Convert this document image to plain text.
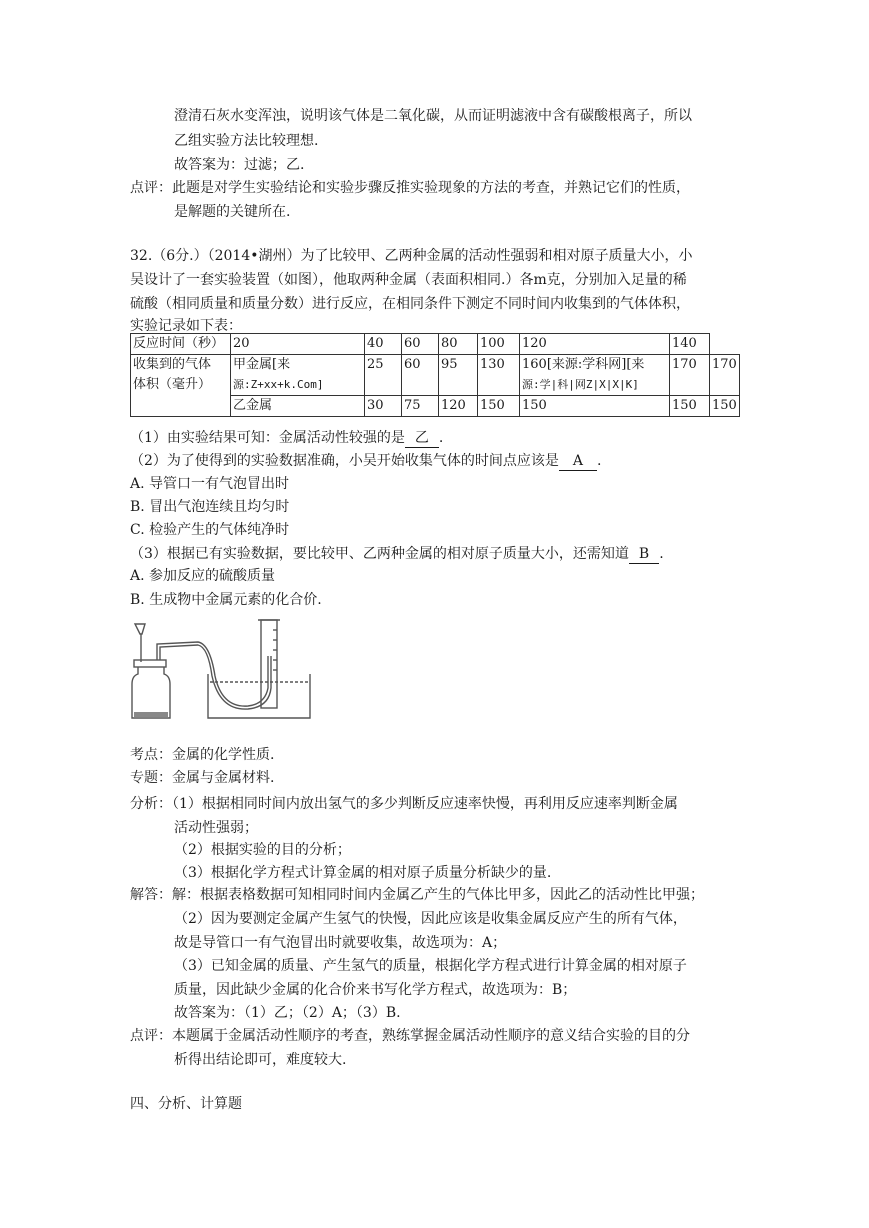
澄清石灰水变浑浊，说明该气体是二氧化碳，从而证明滤液中含有碳酸根离子，所以
乙组实验方法比较理想.
故答案为：过滤；乙.
点评：此题是对学生实验结论和实验步骤反推实验现象的方法的考查，并熟记它们的性质，
是解题的关键所在.
32.（6分.）（2014•湖州）为了比较甲、乙两种金属的活动性强弱和相对原子质量大小，小
吴设计了一套实验装置（如图），他取两种金属（表面积相同.）各m克，分别加入足量的稀
硫酸（相同质量和质量分数）进行反应，在相同条件下测定不同时间内收集到的气体体积，
实验记录如下表：
反应时间（秒）	20	40	60	80	100	120	140	
收集到的气体
体积（毫升）	甲金属[来
源:Z+xx+k.Com]	25	60	95	130	160[来源:学科网][来
源:学|科|网Z|X|X|K]	170	170
	乙金属	30	75	120	150	150	150	150
（1）由实验结果可知：金属活动性较强的是 乙 .
（2）为了使得到的实验数据准确，小吴开始收集气体的时间点应该是 A .
A. 导管口一有气泡冒出时
B. 冒出气泡连续且均匀时
C. 检验产生的气体纯净时
（3）根据已有实验数据，要比较甲、乙两种金属的相对原子质量大小，还需知道 B .
A. 参加反应的硫酸质量
B. 生成物中金属元素的化合价.
考点：金属的化学性质.
专题：金属与金属材料.
分析：（1）根据相同时间内放出氢气的多少判断反应速率快慢，再利用反应速率判断金属
活动性强弱；
（2）根据实验的目的分析；
（3）根据化学方程式计算金属的相对原子质量分析缺少的量.
解答：解：根据表格数据可知相同时间内金属乙产生的气体比甲多，因此乙的活动性比甲强；
（2）因为要测定金属产生氢气的快慢，因此应该是收集金属反应产生的所有气体，
故是导管口一有气泡冒出时就要收集，故选项为：A；
（3）已知金属的质量、产生氢气的质量，根据化学方程式进行计算金属的相对原子
质量，因此缺少金属的化合价来书写化学方程式，故选项为：B；
故答案为：（1）乙；（2）A；（3）B.
点评：本题属于金属活动性顺序的考查，熟练掌握金属活动性顺序的意义结合实验的目的分
析得出结论即可，难度较大.
四、分析、计算题
